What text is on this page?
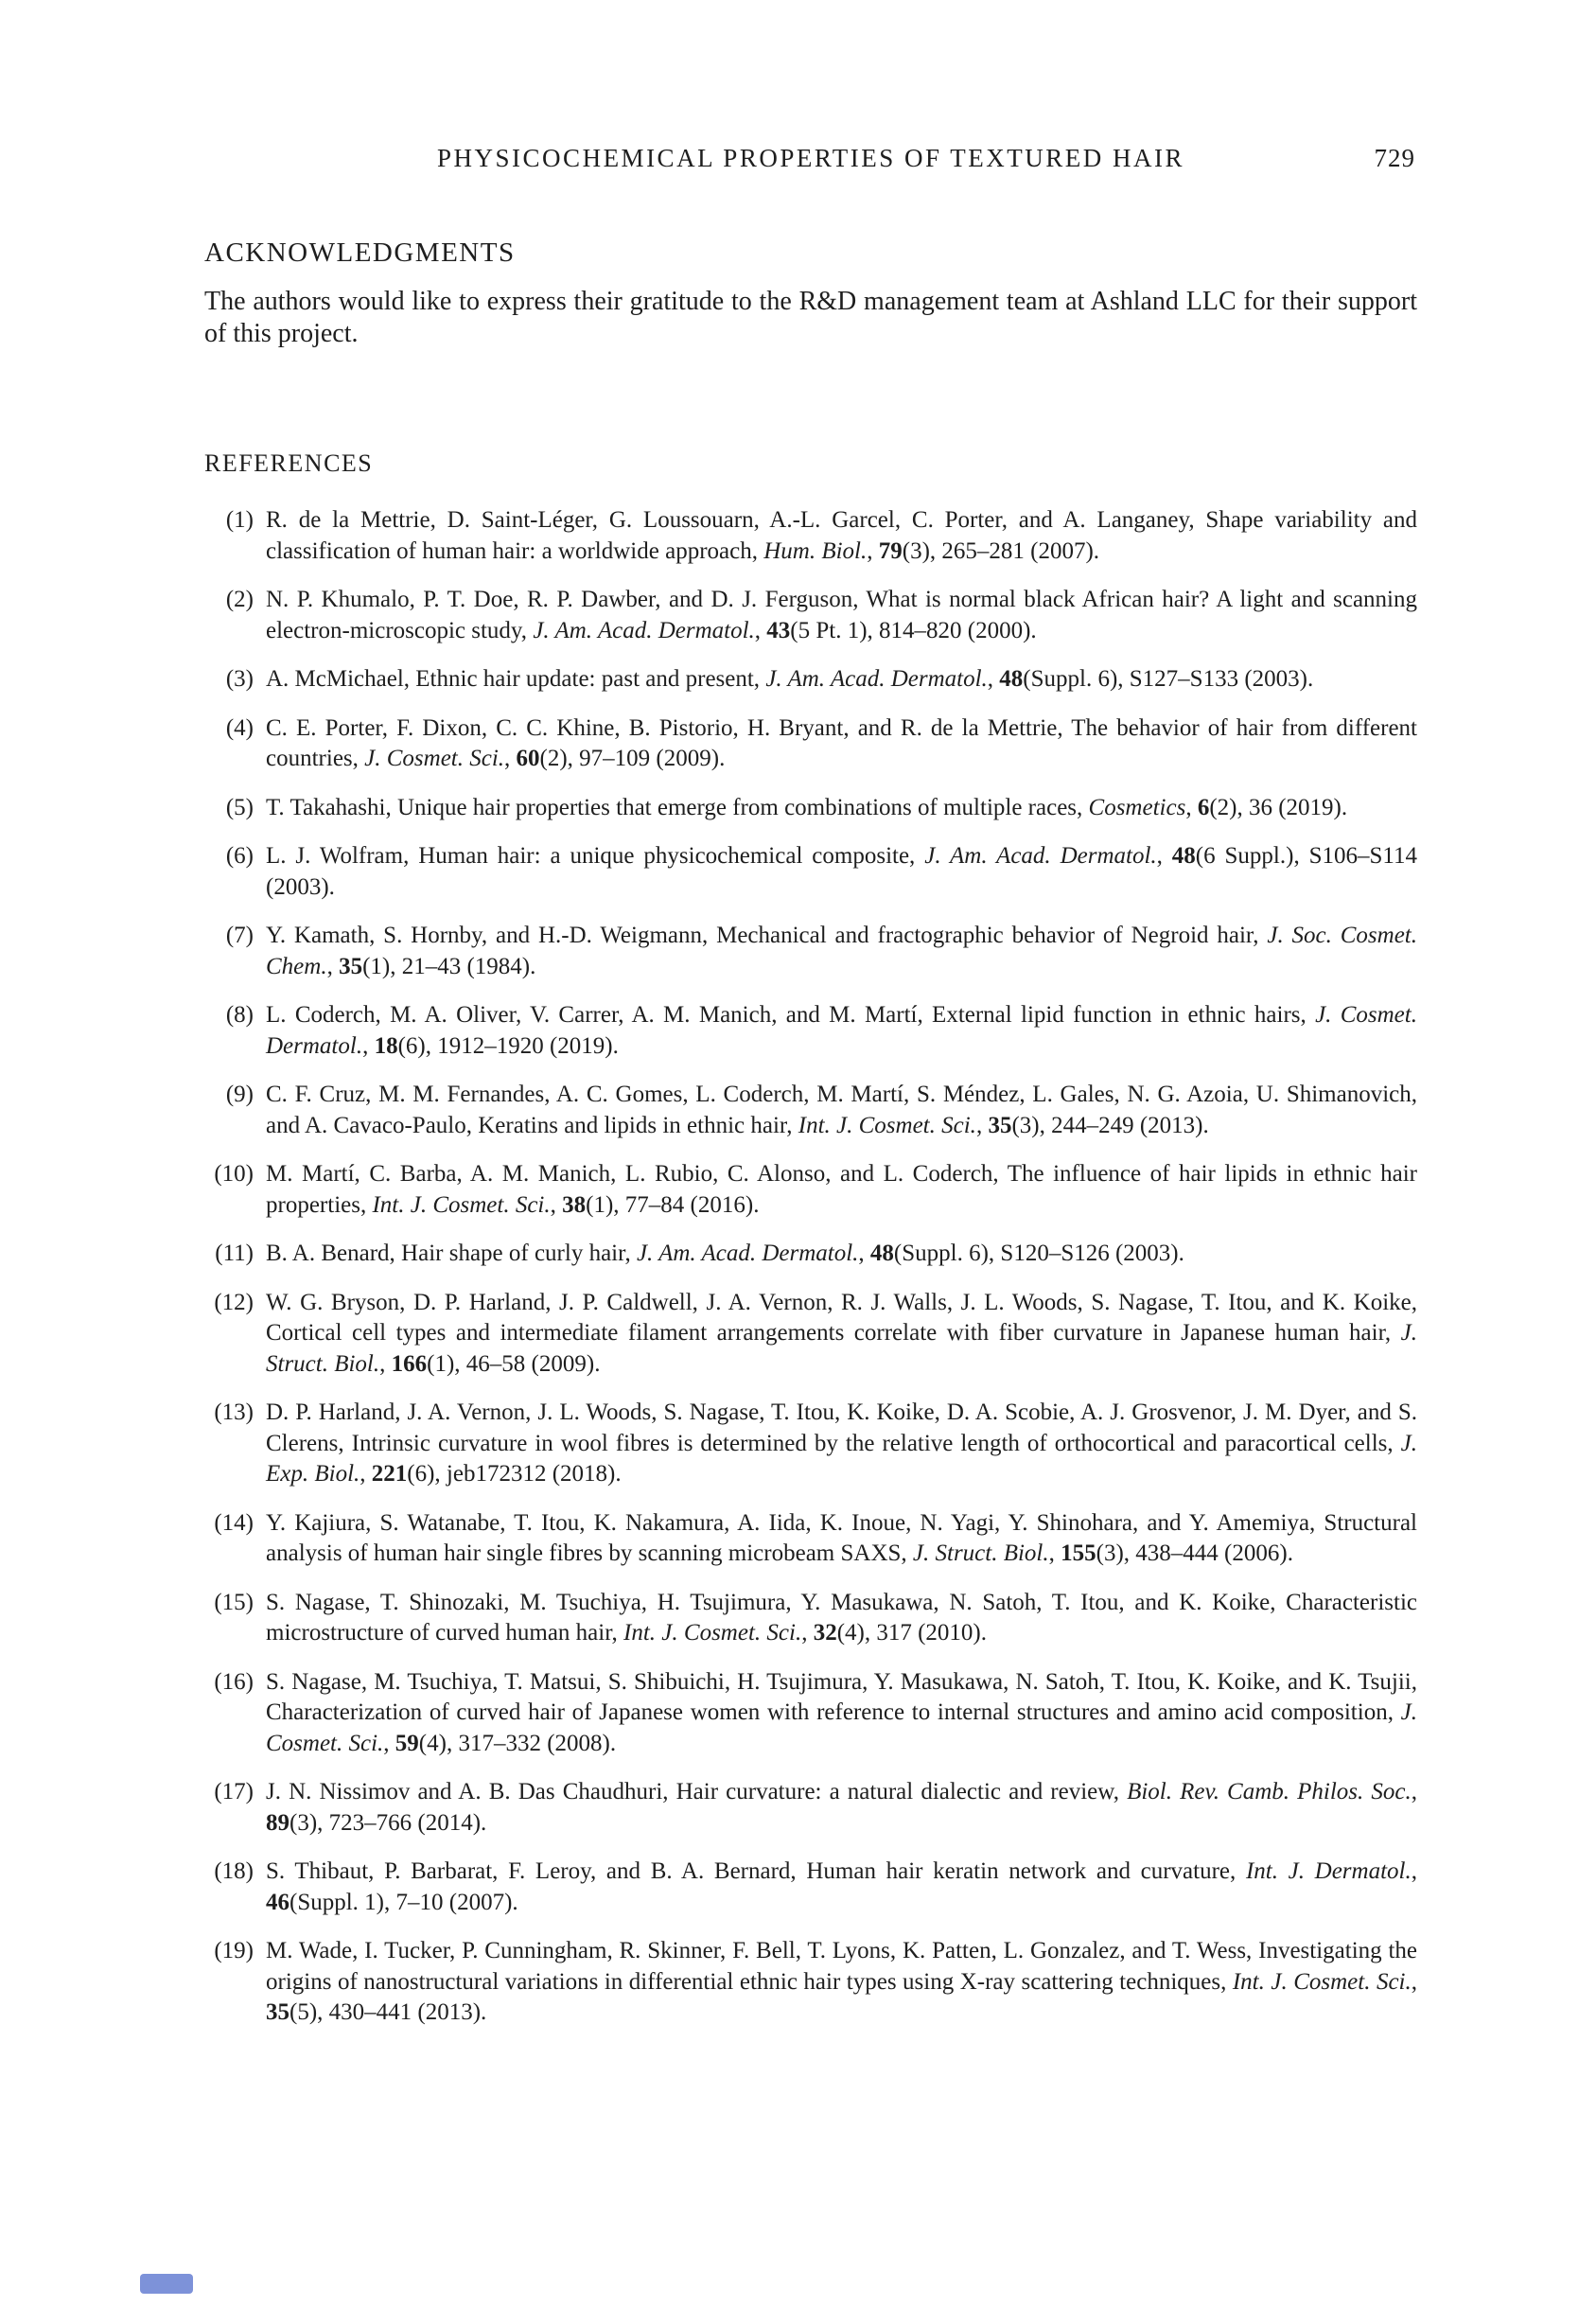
PHYSICOCHEMICAL PROPERTIES OF TEXTURED HAIR	729
ACKNOWLEDGMENTS

The authors would like to express their gratitude to the R&D management team at Ashland LLC for their support of this project.

REFERENCES
(1) R. de la Mettrie, D. Saint-Léger, G. Loussouarn, A.-L. Garcel, C. Porter, and A. Langaney, Shape variability and classification of human hair: a worldwide approach, Hum. Biol., 79(3), 265–281 (2007).
(2) N. P. Khumalo, P. T. Doe, R. P. Dawber, and D. J. Ferguson, What is normal black African hair? A light and scanning electron-microscopic study, J. Am. Acad. Dermatol., 43(5 Pt. 1), 814–820 (2000).
(3) A. McMichael, Ethnic hair update: past and present, J. Am. Acad. Dermatol., 48(Suppl. 6), S127–S133 (2003).
(4) C. E. Porter, F. Dixon, C. C. Khine, B. Pistorio, H. Bryant, and R. de la Mettrie, The behavior of hair from different countries, J. Cosmet. Sci., 60(2), 97–109 (2009).
(5) T. Takahashi, Unique hair properties that emerge from combinations of multiple races, Cosmetics, 6(2), 36 (2019).
(6) L. J. Wolfram, Human hair: a unique physicochemical composite, J. Am. Acad. Dermatol., 48(6 Suppl.), S106–S114 (2003).
(7) Y. Kamath, S. Hornby, and H.-D. Weigmann, Mechanical and fractographic behavior of Negroid hair, J. Soc. Cosmet. Chem., 35(1), 21–43 (1984).
(8) L. Coderch, M. A. Oliver, V. Carrer, A. M. Manich, and M. Martí, External lipid function in ethnic hairs, J. Cosmet. Dermatol., 18(6), 1912–1920 (2019).
(9) C. F. Cruz, M. M. Fernandes, A. C. Gomes, L. Coderch, M. Martí, S. Méndez, L. Gales, N. G. Azoia, U. Shimanovich, and A. Cavaco-Paulo, Keratins and lipids in ethnic hair, Int. J. Cosmet. Sci., 35(3), 244–249 (2013).
(10) M. Martí, C. Barba, A. M. Manich, L. Rubio, C. Alonso, and L. Coderch, The influence of hair lipids in ethnic hair properties, Int. J. Cosmet. Sci., 38(1), 77–84 (2016).
(11) B. A. Benard, Hair shape of curly hair, J. Am. Acad. Dermatol., 48(Suppl. 6), S120–S126 (2003).
(12) W. G. Bryson, D. P. Harland, J. P. Caldwell, J. A. Vernon, R. J. Walls, J. L. Woods, S. Nagase, T. Itou, and K. Koike, Cortical cell types and intermediate filament arrangements correlate with fiber curvature in Japanese human hair, J. Struct. Biol., 166(1), 46–58 (2009).
(13) D. P. Harland, J. A. Vernon, J. L. Woods, S. Nagase, T. Itou, K. Koike, D. A. Scobie, A. J. Grosvenor, J. M. Dyer, and S. Clerens, Intrinsic curvature in wool fibres is determined by the relative length of orthocortical and paracortical cells, J. Exp. Biol., 221(6), jeb172312 (2018).
(14) Y. Kajiura, S. Watanabe, T. Itou, K. Nakamura, A. Iida, K. Inoue, N. Yagi, Y. Shinohara, and Y. Amemiya, Structural analysis of human hair single fibres by scanning microbeam SAXS, J. Struct. Biol., 155(3), 438–444 (2006).
(15) S. Nagase, T. Shinozaki, M. Tsuchiya, H. Tsujimura, Y. Masukawa, N. Satoh, T. Itou, and K. Koike, Characteristic microstructure of curved human hair, Int. J. Cosmet. Sci., 32(4), 317 (2010).
(16) S. Nagase, M. Tsuchiya, T. Matsui, S. Shibuichi, H. Tsujimura, Y. Masukawa, N. Satoh, T. Itou, K. Koike, and K. Tsujii, Characterization of curved hair of Japanese women with reference to internal structures and amino acid composition, J. Cosmet. Sci., 59(4), 317–332 (2008).
(17) J. N. Nissimov and A. B. Das Chaudhuri, Hair curvature: a natural dialectic and review, Biol. Rev. Camb. Philos. Soc., 89(3), 723–766 (2014).
(18) S. Thibaut, P. Barbarat, F. Leroy, and B. A. Bernard, Human hair keratin network and curvature, Int. J. Dermatol., 46(Suppl. 1), 7–10 (2007).
(19) M. Wade, I. Tucker, P. Cunningham, R. Skinner, F. Bell, T. Lyons, K. Patten, L. Gonzalez, and T. Wess, Investigating the origins of nanostructural variations in differential ethnic hair types using X-ray scattering techniques, Int. J. Cosmet. Sci., 35(5), 430–441 (2013).
